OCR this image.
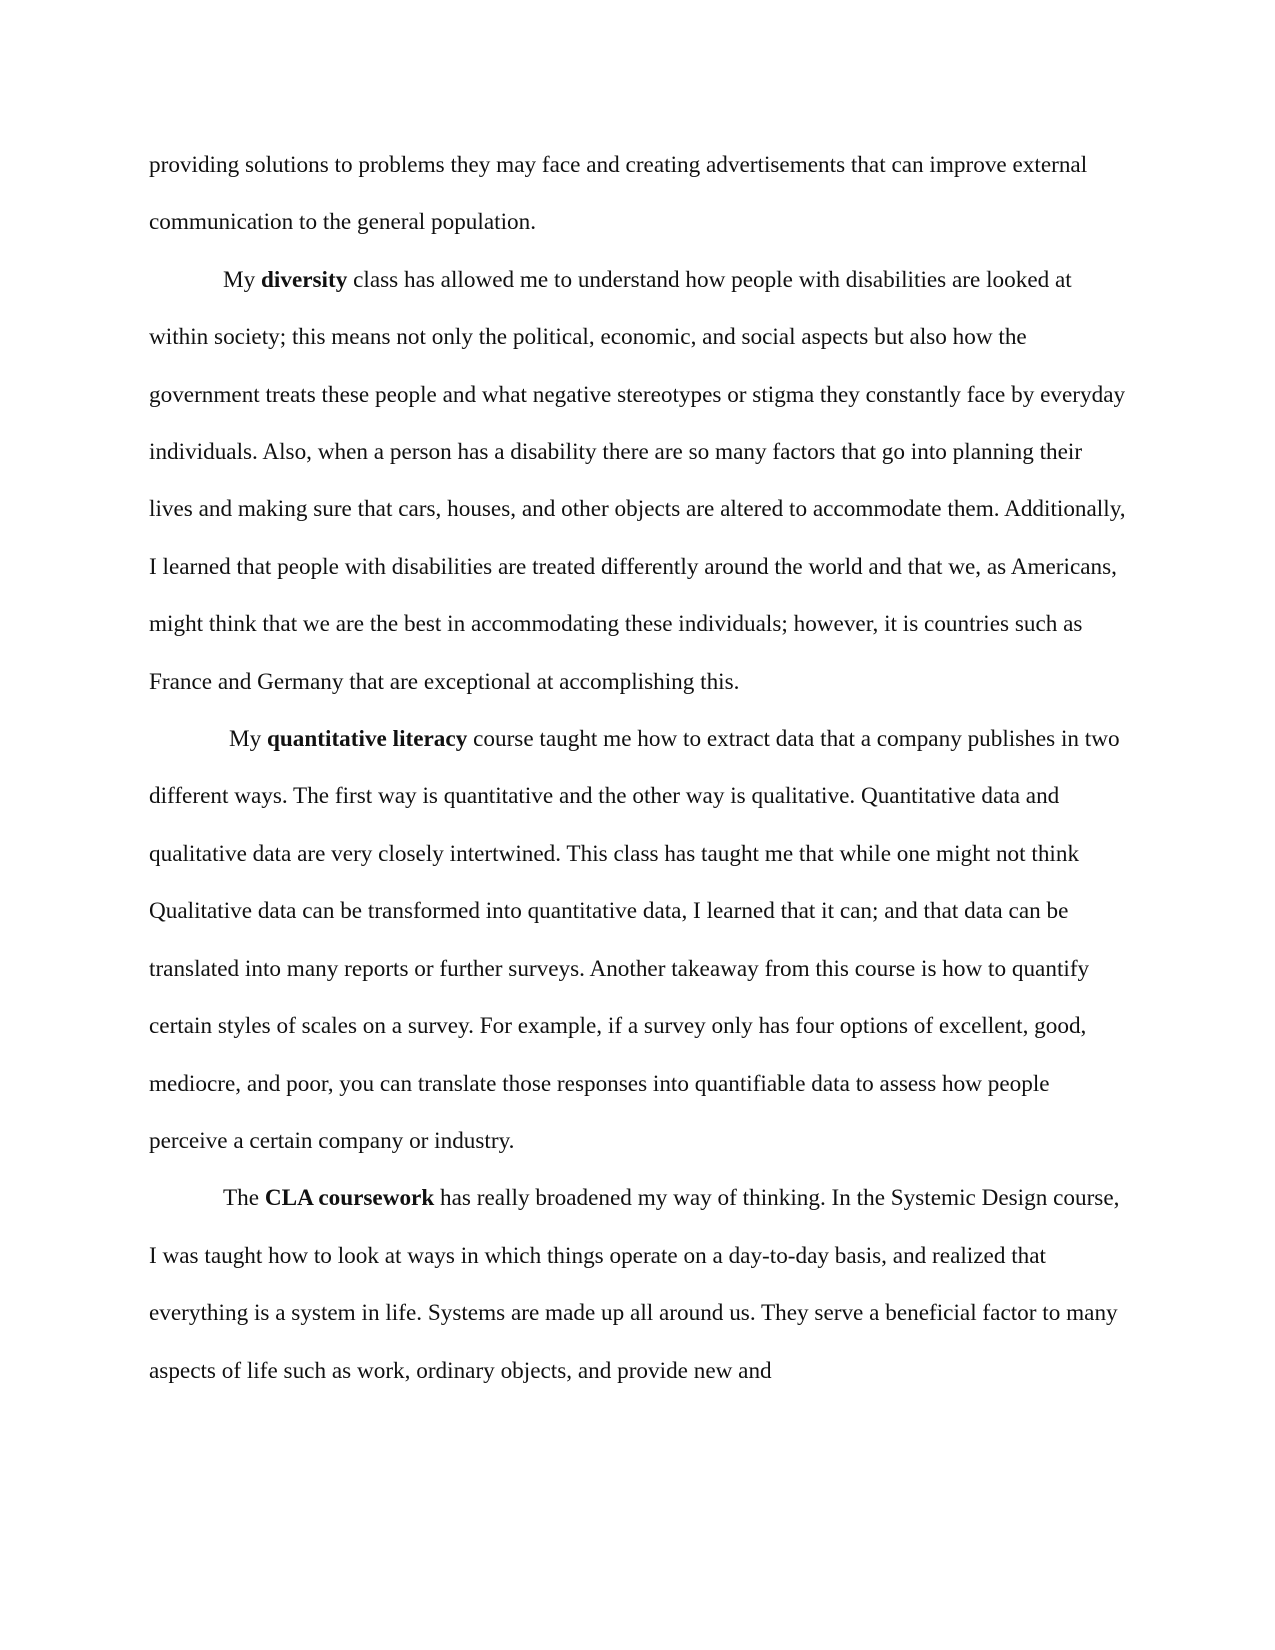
providing solutions to problems they may face and creating advertisements that can improve external communication to the general population.

My diversity class has allowed me to understand how people with disabilities are looked at within society; this means not only the political, economic, and social aspects but also how the government treats these people and what negative stereotypes or stigma they constantly face by everyday individuals. Also, when a person has a disability there are so many factors that go into planning their lives and making sure that cars, houses, and other objects are altered to accommodate them. Additionally, I learned that people with disabilities are treated differently around the world and that we, as Americans, might think that we are the best in accommodating these individuals; however, it is countries such as France and Germany that are exceptional at accomplishing this.

My quantitative literacy course taught me how to extract data that a company publishes in two different ways. The first way is quantitative and the other way is qualitative. Quantitative data and qualitative data are very closely intertwined. This class has taught me that while one might not think Qualitative data can be transformed into quantitative data, I learned that it can; and that data can be translated into many reports or further surveys. Another takeaway from this course is how to quantify certain styles of scales on a survey. For example, if a survey only has four options of excellent, good, mediocre, and poor, you can translate those responses into quantifiable data to assess how people perceive a certain company or industry.

The CLA coursework has really broadened my way of thinking. In the Systemic Design course, I was taught how to look at ways in which things operate on a day-to-day basis, and realized that everything is a system in life. Systems are made up all around us. They serve a beneficial factor to many aspects of life such as work, ordinary objects, and provide new and
